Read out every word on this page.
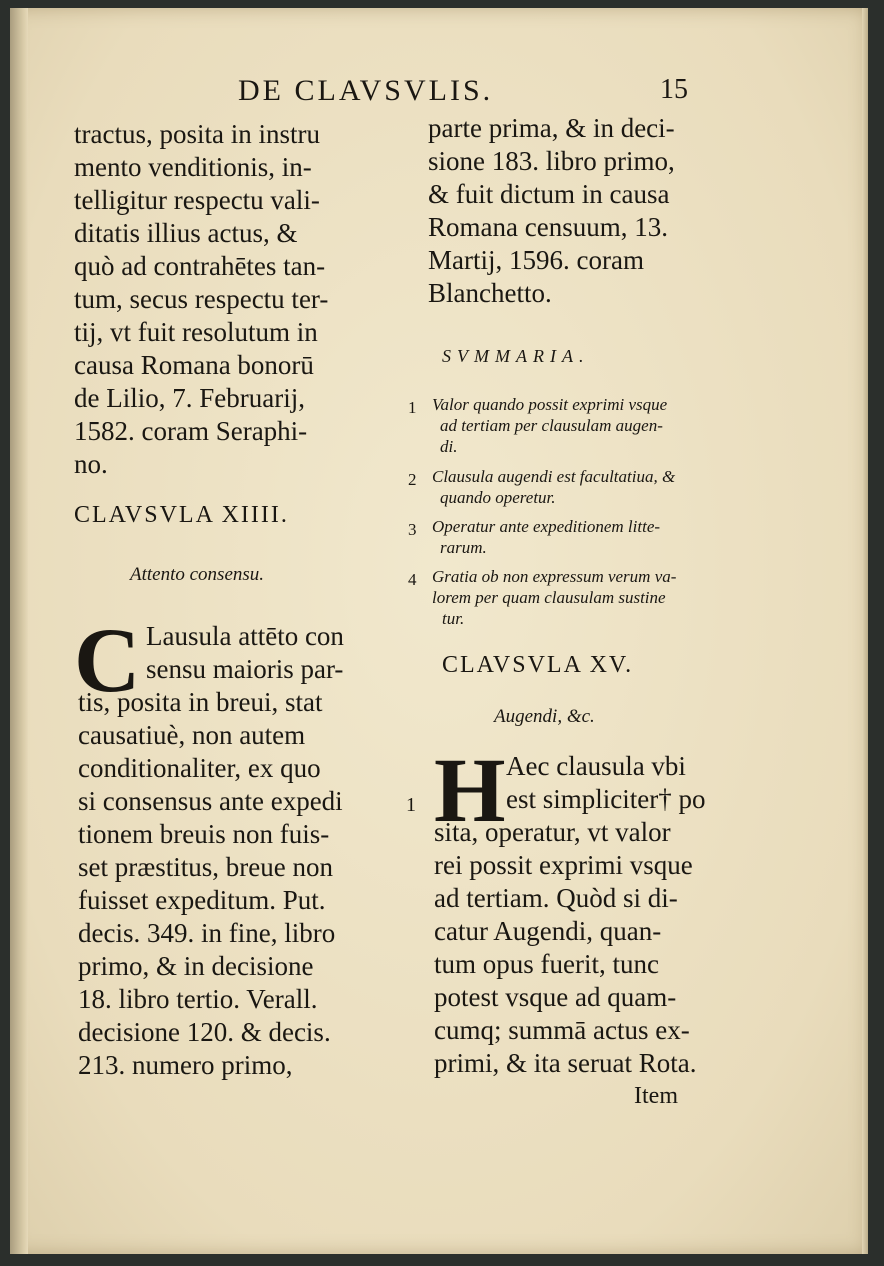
DE CLAVSVLIS.	15
tractus, posita in instru
mento venditionis, in-
telligitur respectu vali-
ditatis illius actus, &
quò ad contrahētes tan-
tum, secus respectu ter-
tij, vt fuit resolutum in
causa Romana bonorū
de Lilio, 7. Februarij,
1582. coram Seraphi-
no.
CLAVSVLA XIIII.
Attento consensu.
C Lausula attēto con
sensu maioris par-
tis, posita in breui, stat
causatiuè, non autem
conditionaliter, ex quo
si consensus ante expedi
tionem breuis non fuis-
set præstitus, breue non
fuisset expeditum. Put.
decis. 349. in fine, libro
primo, & in decisione
18. libro tertio. Verall.
decisione 120. & decis.
213. numero primo,
parte prima, & in deci-
sione 183. libro primo,
& fuit dictum in causa
Romana censuum, 13.
Martij, 1596. coram
Blanchetto.
SVMMARIA.
1 Valor quando possit exprimi vsque
ad tertiam per clausulam augen-
di.
2 Clausula augendi est facultatiua, &
quando operetur.
3 Operatur ante expeditionem litte-
rarum.
4 Gratia ob non expressum verum va-
lorem per quam clausulam sustine
tur.
CLAVSVLA XV.
Augendi, &c.
1 H Aec clausula vbi
est simpliciter† po
sita, operatur, vt valor
rei possit exprimi vsque
ad tertiam. Quòd si di-
catur Augendi, quan-
tum opus fuerit, tunc
potest vsque ad quam-
cumq; summā actus ex-
primi, & ita seruat Rota.
Item
